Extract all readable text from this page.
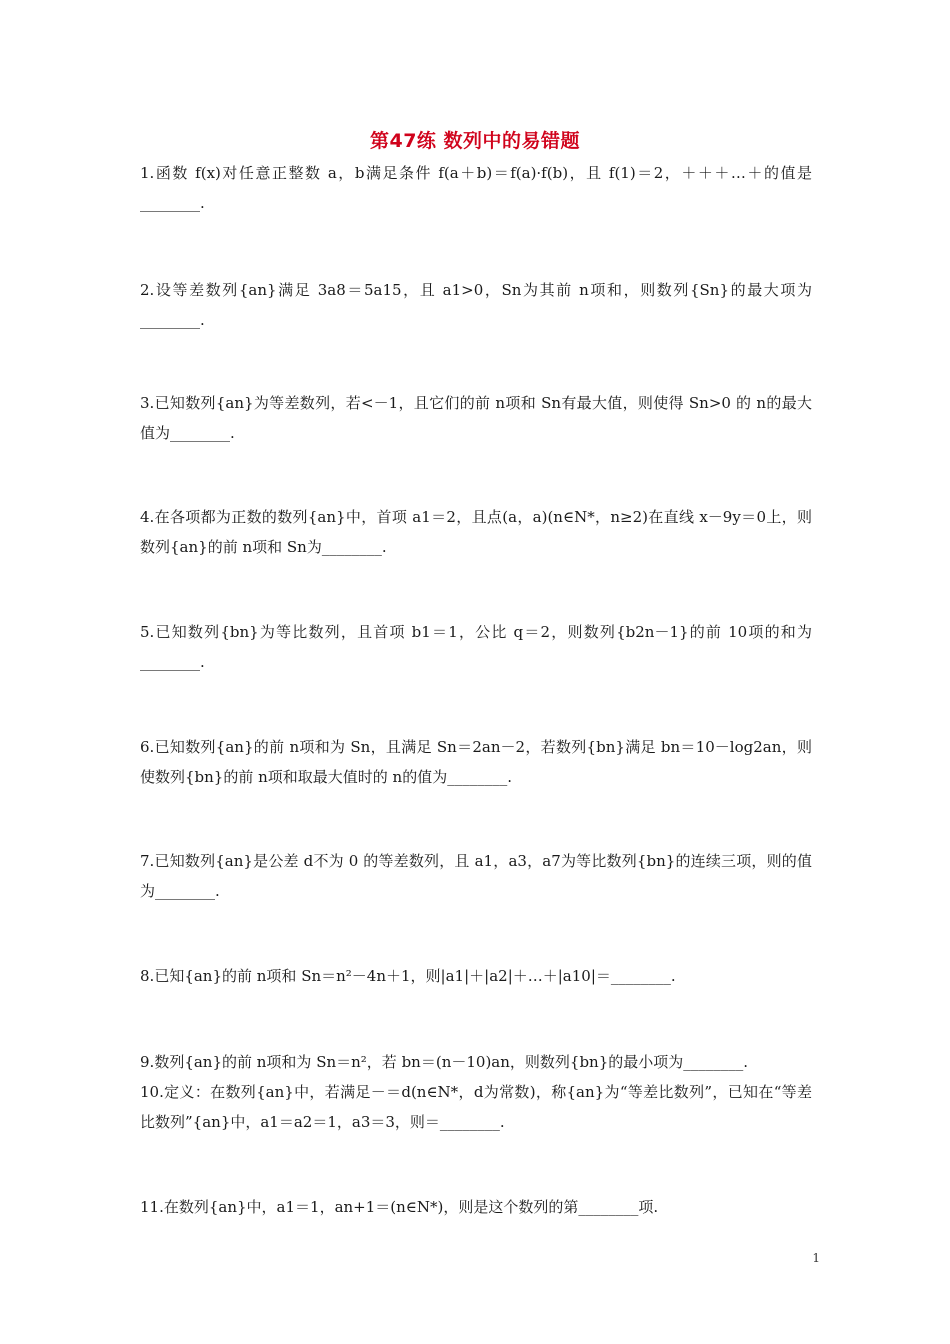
第47练 数列中的易错题

1.函数 f(x)对任意正整数 a，b满足条件 f(a＋b)＝f(a)·f(b)，且 f(1)＝2，＋＋＋…＋的值是________.

2.设等差数列{an}满足 3a8＝5a15，且 a1>0，Sn为其前 n项和，则数列{Sn}的最大项为________.

3.已知数列{an}为等差数列，若<－1，且它们的前 n项和 Sn有最大值，则使得 Sn>0 的 n的最大值为________.

4.在各项都为正数的数列{an}中，首项 a1＝2，且点(a，a)(n∈N*，n≥2)在直线 x－9y＝0上，则数列{an}的前 n项和 Sn为________.

5.已知数列{bn}为等比数列，且首项 b1＝1，公比 q＝2，则数列{b2n－1}的前 10项的和为________.

6.已知数列{an}的前 n项和为 Sn，且满足 Sn＝2an－2，若数列{bn}满足 bn＝10－log2an，则使数列{bn}的前 n项和取最大值时的 n的值为________.

7.已知数列{an}是公差 d不为 0 的等差数列，且 a1，a3，a7为等比数列{bn}的连续三项，则的值为________.

8.已知{an}的前 n项和 Sn＝n²－4n＋1，则|a1|＋|a2|＋…＋|a10|＝________.

9.数列{an}的前 n项和为 Sn＝n²，若 bn＝(n－10)an，则数列{bn}的最小项为________.

10.定义：在数列{an}中，若满足－＝d(n∈N*，d为常数)，称{an}为“等差比数列”，已知在“等差比数列”{an}中，a1＝a2＝1，a3＝3，则＝________.

11.在数列{an}中，a1＝1，an+1＝(n∈N*)，则是这个数列的第________项.

1
